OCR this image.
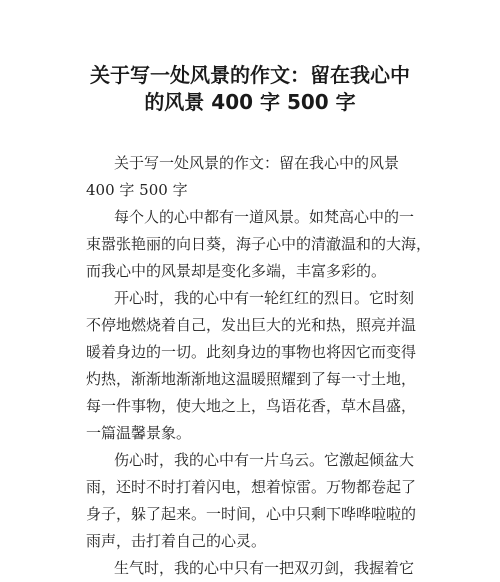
关于写一处风景的作文：留在我心中
的风景 400 字 500 字
关于写一处风景的作文：留在我心中的风景
400 字 500 字
每个人的心中都有一道风景。如梵高心中的一
束嚣张艳丽的向日葵，海子心中的清澈温和的大海，
而我心中的风景却是变化多端，丰富多彩的。
开心时，我的心中有一轮红红的烈日。它时刻
不停地燃烧着自己，发出巨大的光和热，照亮并温
暖着身边的一切。此刻身边的事物也将因它而变得
灼热，渐渐地渐渐地这温暖照耀到了每一寸土地，
每一件事物，使大地之上，鸟语花香，草木昌盛，
一篇温馨景象。
伤心时，我的心中有一片乌云。它激起倾盆大
雨，还时不时打着闪电，想着惊雷。万物都卷起了
身子，躲了起来。一时间，心中只剩下哗哗啦啦的
雨声，击打着自己的心灵。
生气时，我的心中只有一把双刃剑，我握着它
